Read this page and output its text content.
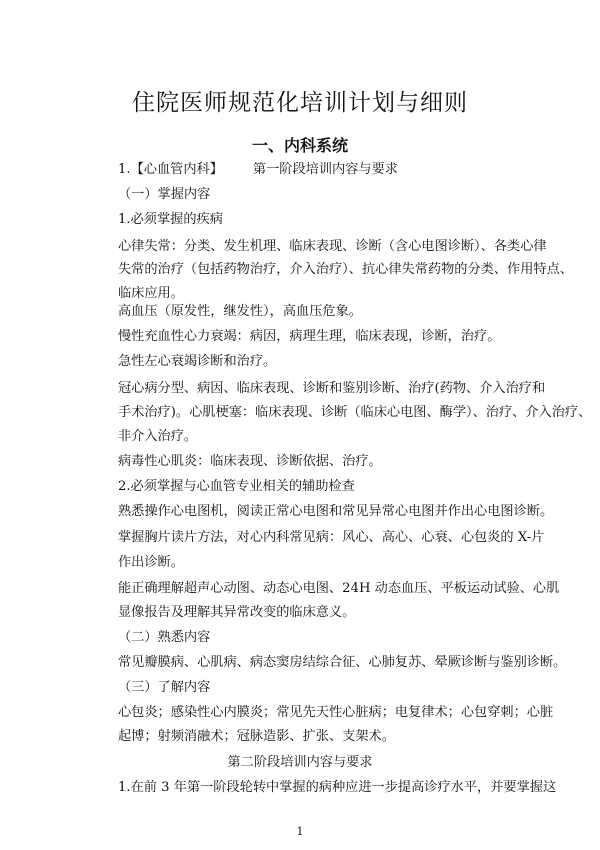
住院医师规范化培训计划与细则
一、内科系统
1.【心血管内科】 第一阶段培训内容与要求
（一）掌握内容
1.必须掌握的疾病
心律失常：分类、发生机理、临床表现、诊断（含心电图诊断）、各类心律
失常的治疗（包括药物治疗，介入治疗）、抗心律失常药物的分类、作用特点、
临床应用。
高血压（原发性，继发性），高血压危象。
慢性充血性心力衰竭：病因，病理生理，临床表现，诊断，治疗。
急性左心衰竭诊断和治疗。
冠心病分型、病因、临床表现、诊断和鉴别诊断、治疗(药物、介入治疗和
手术治疗)。心肌梗塞：临床表现、诊断（临床心电图、酶学）、治疗、介入治疗、
非介入治疗。
病毒性心肌炎：临床表现、诊断依据、治疗。
2.必须掌握与心血管专业相关的辅助检查
熟悉操作心电图机，阅读正常心电图和常见异常心电图并作出心电图诊断。
掌握胸片读片方法，对心内科常见病：风心、高心、心衰、心包炎的 X-片
作出诊断。
能正确理解超声心动图、动态心电图、24H 动态血压、平板运动试验、心肌
显像报告及理解其异常改变的临床意义。
（二）熟悉内容
常见瓣膜病、心肌病、病态窦房结综合征、心肺复苏、晕厥诊断与鉴别诊断。
（三）了解内容
心包炎；感染性心内膜炎；常见先天性心脏病；电复律术；心包穿刺；心脏
起博；射频消融术；冠脉造影、扩张、支架术。
第二阶段培训内容与要求
1.在前 3 年第一阶段轮转中掌握的病种应进一步提高诊疗水平，并要掌握这
1
